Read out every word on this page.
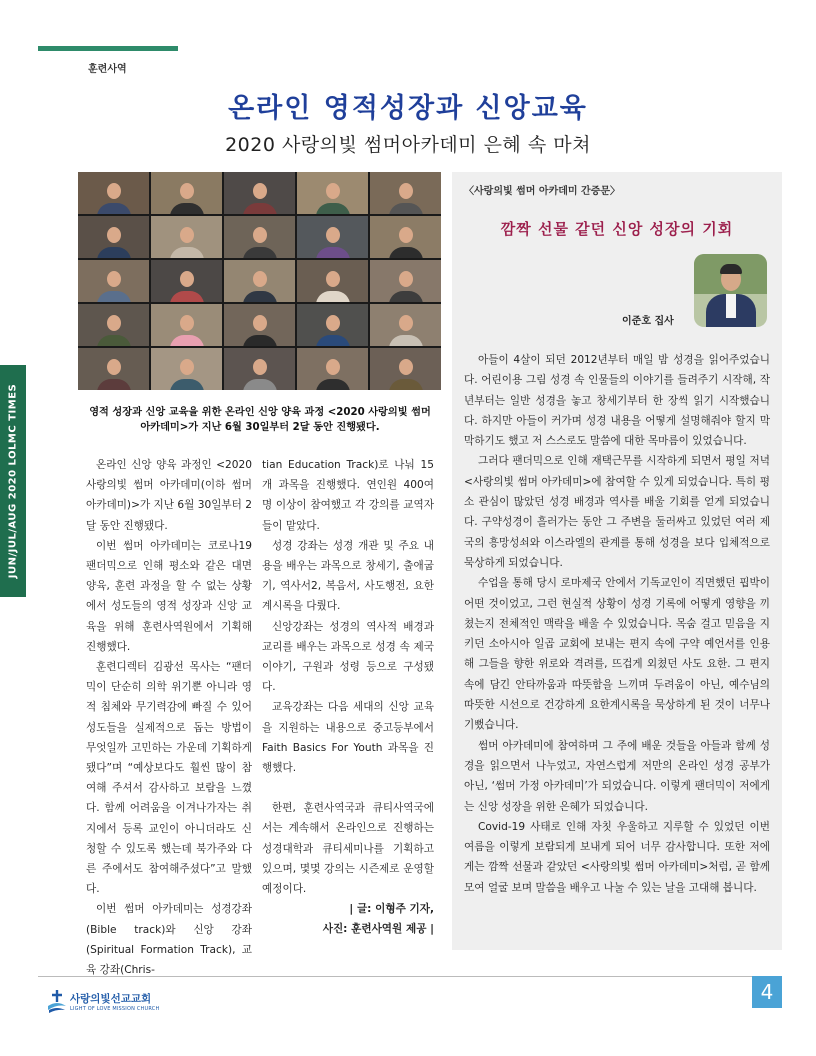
훈련사역
온라인 영적성장과 신앙교육
2020 사랑의빛 썸머아카데미 은혜 속 마쳐
JUN/JUL/AUG 2020 LOLMC TIMES	영적 성장과 신앙 교육을 위한 온라인 신앙 양육 과정 <2020 사랑의빛 썸머 아카데미>가 지난 6월 30일부터 2달 동안 진행됐다.

온라인 신앙 양육 과정인 <2020 사랑의빛 썸머 아카데미(이하 썸머 아카데미)>가 지난 6월 30일부터 2달 동안 진행됐다.

이번 썸머 아카데미는 코로나19 팬더믹으로 인해 평소와 같은 대면 양육, 훈련 과정을 할 수 없는 상황에서 성도들의 영적 성장과 신앙 교육을 위해 훈련사역원에서 기획해 진행했다.

훈련디렉터 김광선 목사는 “팬더믹이 단순히 의학 위기뿐 아니라 영적 침체와 무기력감에 빠질 수 있어 성도들을 실제적으로 돕는 방법이 무엇일까 고민하는 가운데 기획하게 됐다”며 “예상보다도 훨씬 많이 참여해 주셔서 감사하고 보람을 느꼈다. 함께 어려움을 이겨나가자는 취지에서 등록 교인이 아니더라도 신청할 수 있도록 했는데 북가주와 다른 주에서도 참여해주셨다”고 말했다.

이번 썸머 아카데미는 성경강좌(Bible track)와 신앙 강좌(Spiritual Formation Track), 교육 강좌(Chris-

tian Education Track)로 나눠 15개 과목을 진행했다. 연인원 400여 명 이상이 참여했고 각 강의를 교역자들이 맡았다.

성경 강좌는 성경 개관 및 주요 내용을 배우는 과목으로 창세기, 출애굽기, 역사서2, 복음서, 사도행전, 요한계시록을 다뤘다.

신앙강좌는 성경의 역사적 배경과 교리를 배우는 과목으로 성경 속 제국 이야기, 구원과 성령 등으로 구성됐다.

교육강좌는 다음 세대의 신앙 교육을 지원하는 내용으로 중고등부에서 Faith Basics For Youth 과목을 진행했다.

한편, 훈련사역국과 큐티사역국에서는 계속해서 온라인으로 진행하는 성경대학과 큐티세미나를 기획하고 있으며, 몇몇 강의는 시즌제로 운영할 예정이다.

| 글: 이형주 기자,
사진: 훈련사역원 제공 |
〈사랑의빛 썸머 아카데미 간증문〉
깜짝 선물 같던 신앙 성장의 기회
이준호 집사

아들이 4살이 되던 2012년부터 매일 밤 성경을 읽어주었습니다. 어린이용 그림 성경 속 인물들의 이야기를 들려주기 시작해, 작년부터는 일반 성경을 놓고 창세기부터 한 장씩 읽기 시작했습니다. 하지만 아들이 커가며 성경 내용을 어떻게 설명해줘야 할지 막막하기도 했고 저 스스로도 말씀에 대한 목마름이 있었습니다.

그러다 팬더믹으로 인해 재택근무를 시작하게 되면서 평일 저녁 <사랑의빛 썸머 아카데미>에 참여할 수 있게 되었습니다. 특히 평소 관심이 많았던 성경 배경과 역사를 배울 기회를 얻게 되었습니다. 구약성경이 흘러가는 동안 그 주변을 둘러싸고 있었던 여러 제국의 흥망성쇠와 이스라엘의 관계를 통해 성경을 보다 입체적으로 묵상하게 되었습니다.

수업을 통해 당시 로마제국 안에서 기독교인이 직면했던 핍박이 어떤 것이었고, 그런 현실적 상황이 성경 기록에 어떻게 영향을 끼쳤는지 전체적인 맥락을 배울 수 있었습니다. 목숨 걸고 믿음을 지키던 소아시아 일곱 교회에 보내는 편지 속에 구약 예언서를 인용해 그들을 향한 위로와 격려를, 뜨겁게 외쳤던 사도 요한. 그 편지 속에 담긴 안타까움과 따뜻함을 느끼며 두려움이 아닌, 예수님의 따뜻한 시선으로 건강하게 요한계시록을 묵상하게 된 것이 너무나 기뻤습니다.

썸머 아카데미에 참여하며 그 주에 배운 것들을 아들과 함께 성경을 읽으면서 나누었고, 자연스럽게 저만의 온라인 성경 공부가 아닌, ‘썸머 가정 아카데미’가 되었습니다. 이렇게 팬더믹이 저에게는 신앙 성장을 위한 은혜가 되었습니다.

Covid-19 사태로 인해 자칫 우울하고 지루할 수 있었던 이번 여름을 이렇게 보람되게 보내게 되어 너무 감사합니다. 또한 저에게는 깜짝 선물과 같았던 <사랑의빛 썸머 아카데미>처럼, 곧 함께 모여 얼굴 보며 말씀을 배우고 나눌 수 있는 날을 고대해 봅니다.

사랑의빛선교교회
LIGHT OF LOVE MISSION CHURCH
4
